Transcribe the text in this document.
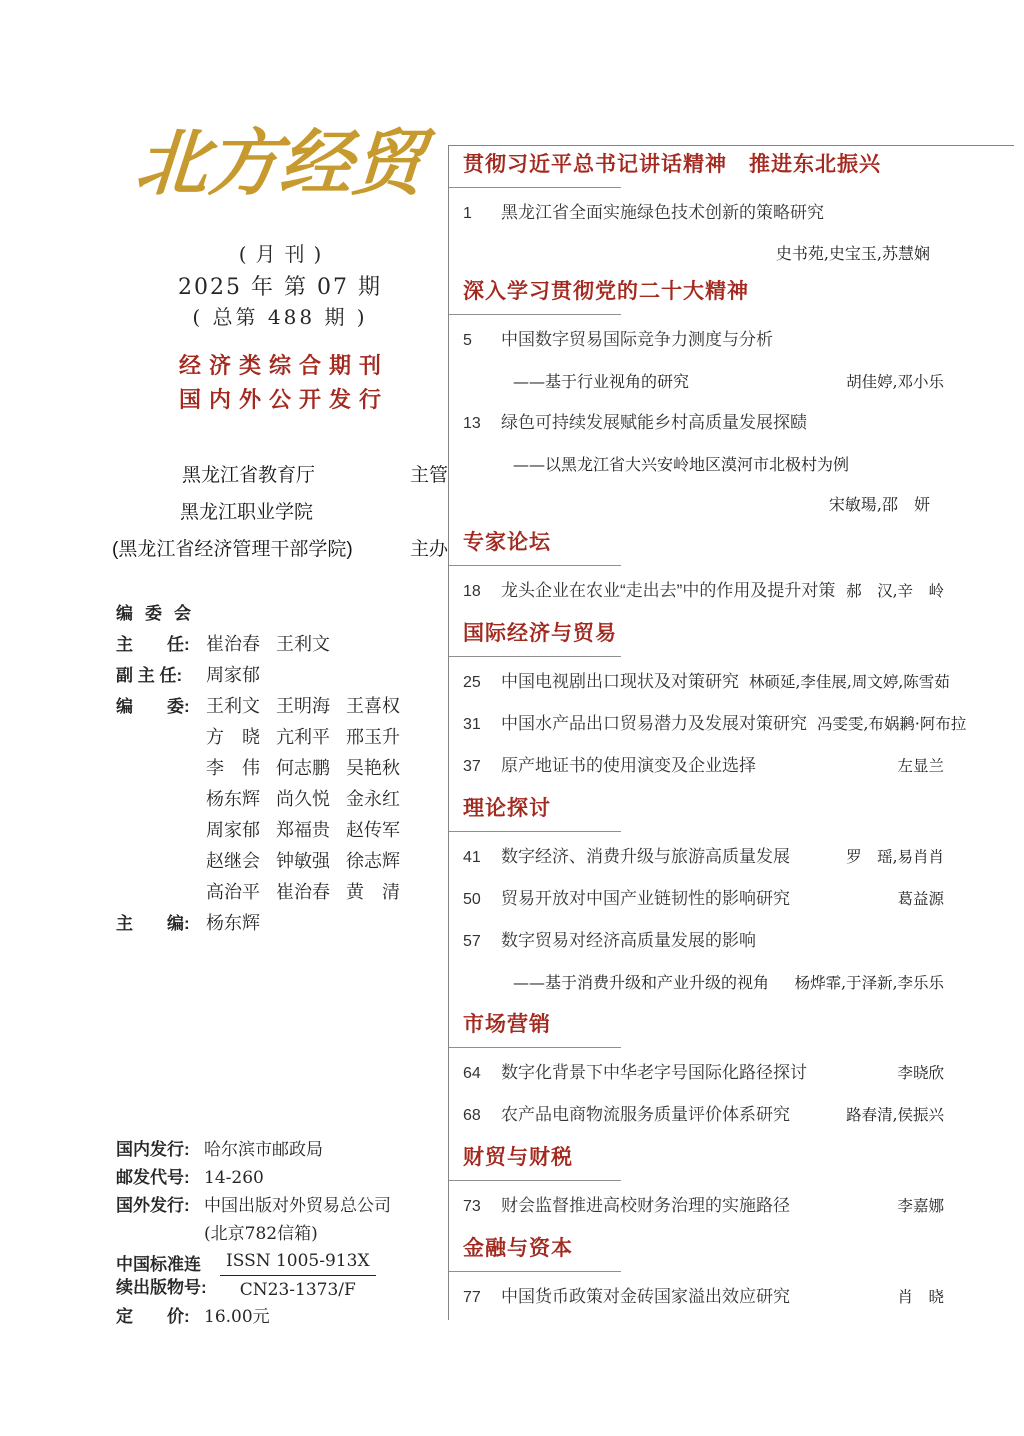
北方经贸
(月刊)
2025 年 第 07 期
( 总第 488 期 )
经济类综合期刊
国内外公开发行
黑龙江省教育厅	主管
黑龙江职业学院
(黑龙江省经济管理干部学院)	主办
编委会
主　　任: 崔治春 王利文
副 主 任:	周家郁
编　　委: 王利文 王明海 王喜权
方　晓 亢利平 邢玉升
李　伟 何志鹏 吴艳秋
杨东辉 尚久悦 金永红
周家郁 郑福贵 赵传军
赵继会 钟敏强 徐志辉
高治平 崔治春 黄　清
主　　编: 杨东辉
国内发行: 哈尔滨市邮政局
邮发代号: 14-260
国外发行: 中国出版对外贸易总公司
(北京782信箱)
中国标准连
续出版物号:
ISSN 1005-913X
CN23-1373/F
定　　价: 16.00元
贯彻习近平总书记讲话精神　推进东北振兴
1	黑龙江省全面实施绿色技术创新的策略研究
史书苑,史宝玉,苏慧娴
深入学习贯彻党的二十大精神
5	中国数字贸易国际竞争力测度与分析
——基于行业视角的研究	胡佳婷,邓小乐
13	绿色可持续发展赋能乡村高质量发展探赜
——以黑龙江省大兴安岭地区漠河市北极村为例
宋敏瑒,邵　妍
专家论坛
18	龙头企业在农业“走出去”中的作用及提升对策 郝　汉,辛　岭
国际经济与贸易
25	中国电视剧出口现状及对策研究 林硕延,李佳展,周文婷,陈雪茹
31	中国水产品出口贸易潜力及发展对策研究 冯雯雯,布娲鹣·阿布拉
37	原产地证书的使用演变及企业选择	左显兰
理论探讨
41	数字经济、消费升级与旅游高质量发展	罗　瑶,易肖肖
50	贸易开放对中国产业链韧性的影响研究	葛益源
57	数字贸易对经济高质量发展的影响
——基于消费升级和产业升级的视角	杨烨霏,于泽新,李乐乐
市场营销
64	数字化背景下中华老字号国际化路径探讨	李晓欣
68	农产品电商物流服务质量评价体系研究	路春清,侯振兴
财贸与财税
73	财会监督推进高校财务治理的实施路径	李嘉娜
金融与资本
77	中国货币政策对金砖国家溢出效应研究	肖　晓
